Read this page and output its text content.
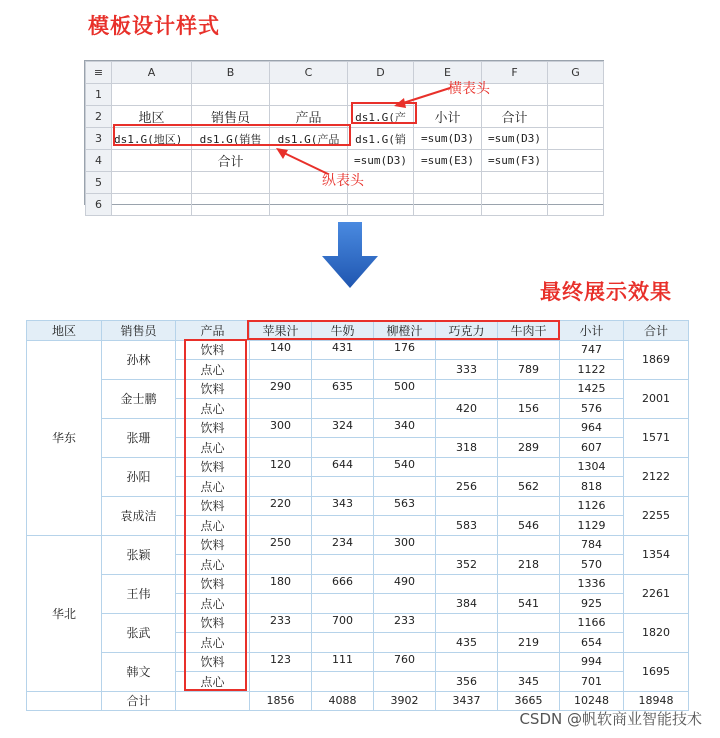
模板设计样式
≡	A	B	C	D	E	F	G
1							
2	地区	销售员	产品	ds1.G(产	小计	合计	
3	ds1.G(地区)	ds1.G(销售	ds1.G(产品	ds1.G(销	=sum(D3)	=sum(D3)	
4		合计		=sum(D3)	=sum(E3)	=sum(F3)	
5							
6							
横表头
纵表头
最终展示效果
地区	销售员	产品	苹果汁	牛奶	柳橙汁	巧克力	牛肉干	小计	合计
华东	孙林	饮料	140	431	176			747	1869
		点心				333	789	1122	
	金士鹏	饮料	290	635	500			1425	2001
		点心				420	156	576	
	张珊	饮料	300	324	340			964	1571
		点心				318	289	607	
	孙阳	饮料	120	644	540			1304	2122
		点心				256	562	818	
	袁成洁	饮料	220	343	563			1126	2255
		点心				583	546	1129	
华北	张颖	饮料	250	234	300			784	1354
		点心				352	218	570	
	王伟	饮料	180	666	490			1336	2261
		点心				384	541	925	
	张武	饮料	233	700	233			1166	1820
		点心				435	219	654	
	韩文	饮料	123	111	760			994	1695
		点心				356	345	701	
	合计		1856	4088	3902	3437	3665	10248	18948
CSDN @帆软商业智能技术
